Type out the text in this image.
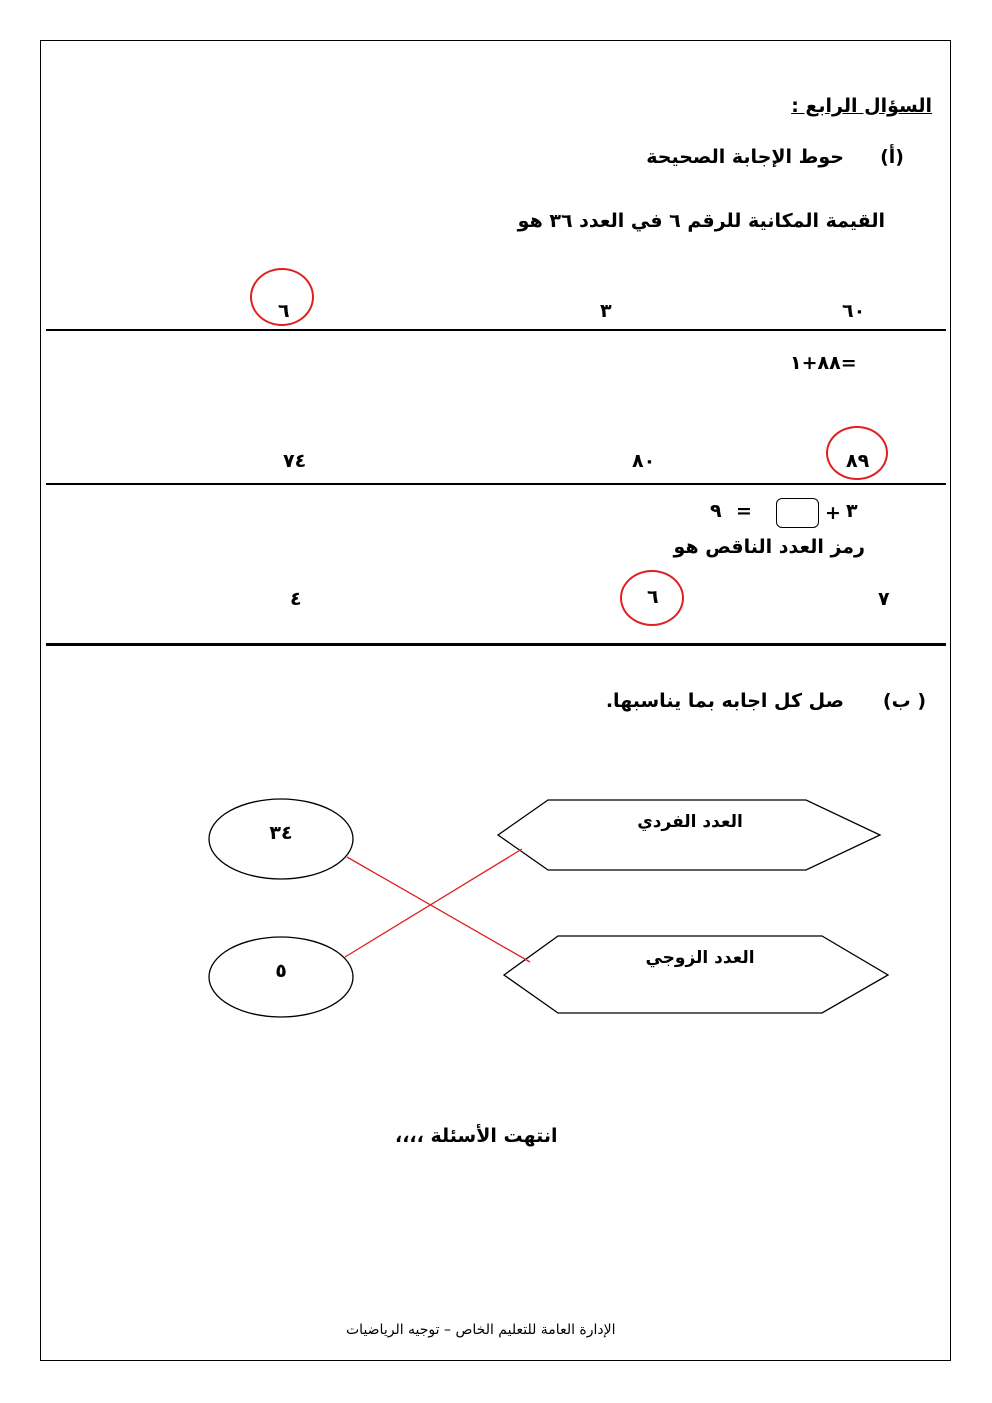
السؤال الرابع :
(أ)
حوط الإجابة الصحيحة
القيمة المكانية للرقم ٦ في العدد ٣٦ هو
٦٠
٣
٦
٨٨+١=
٨٩
٨٠
٧٤
٣
+
=
٩
رمز العدد الناقص هو
٧
٦
٤
( ب)
صل كل اجابه بما يناسبها.
العدد الفردي
العدد الزوجي
٣٤
٥
انتهت الأسئلة ،،،،
الإدارة العامة للتعليم الخاص – توجيه الرياضيات
